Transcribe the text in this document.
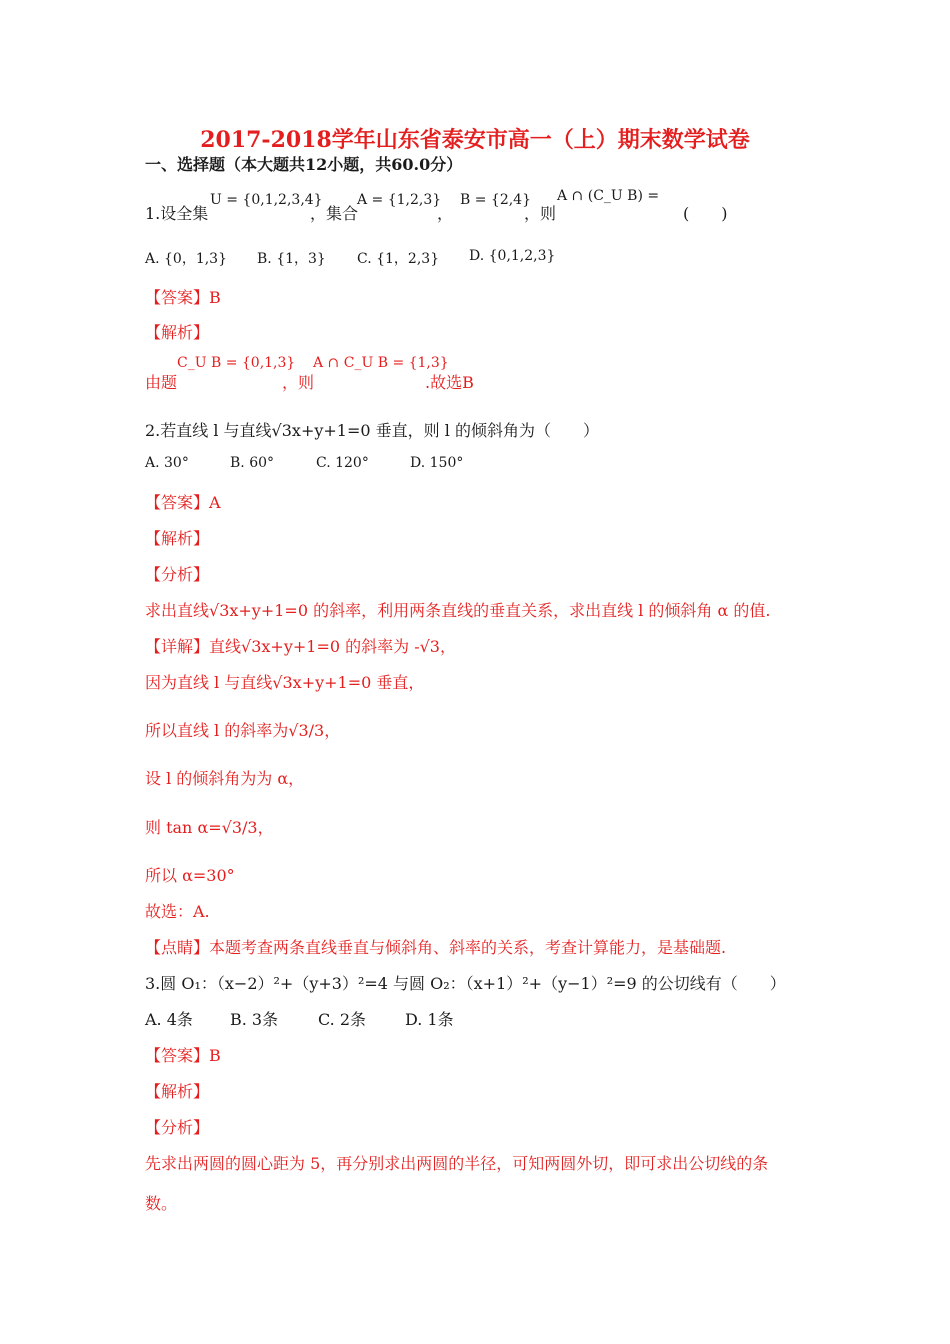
2017-2018学年山东省泰安市高一（上）期末数学试卷
一、选择题（本大题共12小题，共60.0分）
1.设全集
U = {0,1,2,3,4}
，集合
A = {1,2,3}
，
B = {2,4}
，则
A ∩ (C_U B) =
(　　)
A. {0，1,3} B. {1，3} C. {1，2,3} D. {0,1,2,3}
【答案】B
【解析】
由题
C_U B = {0,1,3}
，则
A ∩ C_U B = {1,3}
.故选B
2.若直线 l 与直线√3x+y+1=0 垂直，则 l 的倾斜角为（　　）
A. 30°	B. 60°	C. 120°	D. 150°
【答案】A
【解析】
【分析】
求出直线√3x+y+1=0 的斜率，利用两条直线的垂直关系，求出直线 l 的倾斜角 α 的值.
【详解】直线√3x+y+1=0 的斜率为 -√3，
因为直线 l 与直线√3x+y+1=0 垂直，
所以直线 l 的斜率为√3/3，
设 l 的倾斜角为为 α，
则 tan α=√3/3，
所以 α=30°
故选：A.
【点睛】本题考查两条直线垂直与倾斜角、斜率的关系，考查计算能力，是基础题.
3.圆 O₁：（x−2）²+（y+3）²=4 与圆 O₂：（x+1）²+（y−1）²=9 的公切线有（　　）
A. 4条 B. 3条 C. 2条 D. 1条
【答案】B
【解析】
【分析】
先求出两圆的圆心距为 5，再分别求出两圆的半径，可知两圆外切，即可求出公切线的条
数。
